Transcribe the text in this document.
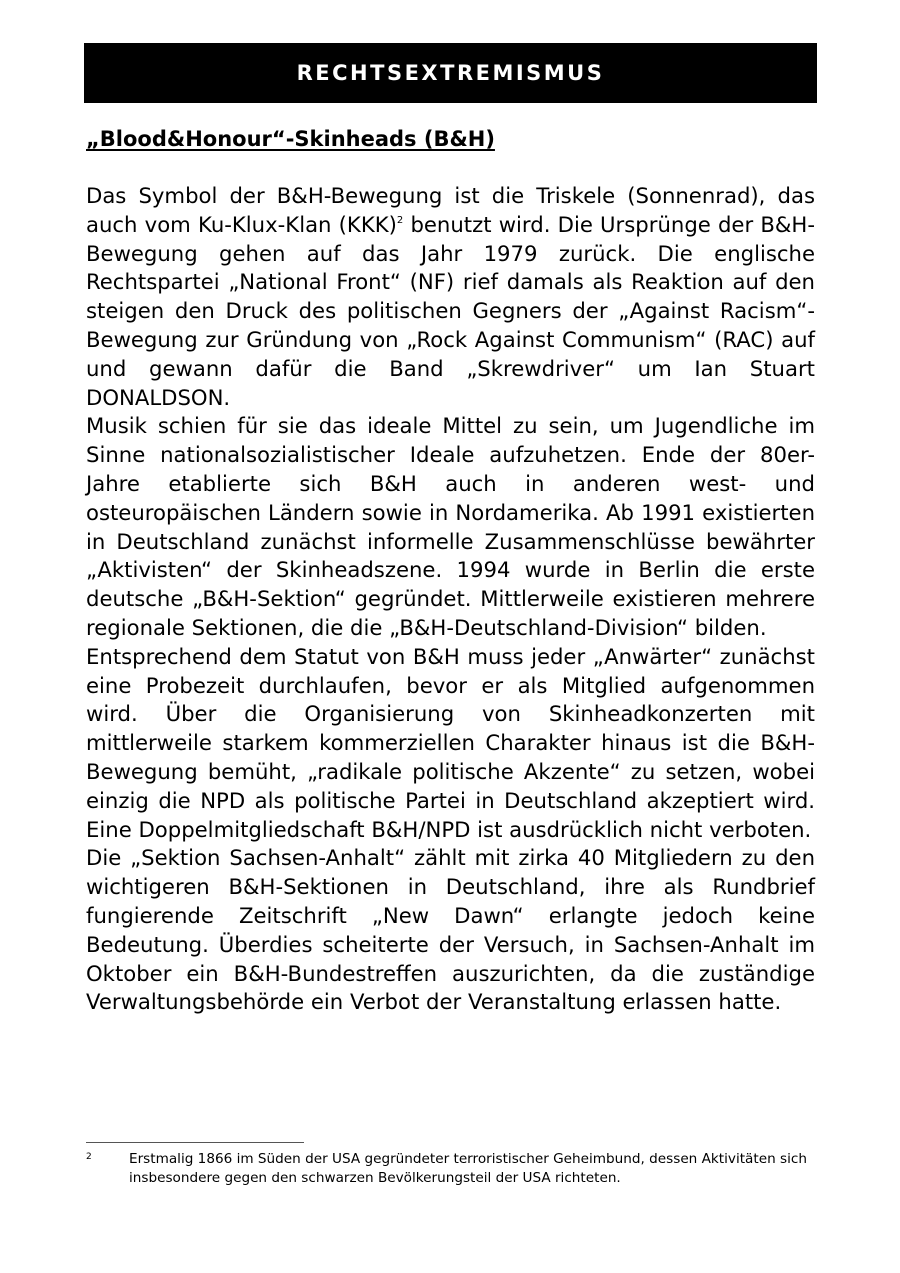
RECHTSEXTREMISMUS
„Blood&Honour“-Skinheads (B&H)

Das Symbol der B&H-Bewegung ist die Triskele (Sonnenrad), das auch vom Ku-Klux-Klan (KKK)$^2$ benutzt wird. Die Ursprünge der B&H-Bewegung gehen auf das Jahr 1979 zurück. Die englische Rechtspartei „National Front“ (NF) rief damals als Reaktion auf den steigen den Druck des politischen Gegners der „Against Racism“-Bewegung zur Gründung von „Rock Against Communism“ (RAC) auf und gewann dafür die Band „Skrewdriver“ um Ian Stuart DONALDSON.

Musik schien für sie das ideale Mittel zu sein, um Jugendliche im Sinne nationalsozialistischer Ideale aufzuhetzen. Ende der 80er-Jahre etablierte sich B&H auch in anderen west- und osteuropäischen Ländern sowie in Nordamerika. Ab 1991 existierten in Deutschland zunächst informelle Zusammenschlüsse bewährter „Aktivisten“ der Skinheadszene. 1994 wurde in Berlin die erste deutsche „B&H-Sektion“ gegründet. Mittlerweile existieren mehrere regionale Sektionen, die die „B&H-Deutschland-Division“ bilden.

Entsprechend dem Statut von B&H muss jeder „Anwärter“ zunächst eine Probezeit durchlaufen, bevor er als Mitglied aufgenommen wird. Über die Organisierung von Skinheadkonzerten mit mittlerweile starkem kommerziellen Charakter hinaus ist die B&H-Bewegung bemüht, „radikale politische Akzente“ zu setzen, wobei einzig die NPD als politische Partei in Deutschland akzeptiert wird. Eine Doppelmitgliedschaft B&H/NPD ist ausdrücklich nicht verboten.

Die „Sektion Sachsen-Anhalt“ zählt mit zirka 40 Mitgliedern zu den wichtigeren B&H-Sektionen in Deutschland, ihre als Rundbrief fungierende Zeitschrift „New Dawn“ erlangte jedoch keine Bedeutung. Überdies scheiterte der Versuch, in Sachsen-Anhalt im Oktober ein B&H-Bundestreffen auszurichten, da die zuständige Verwaltungsbehörde ein Verbot der Veranstaltung erlassen hatte.

2	Erstmalig 1866 im Süden der USA gegründeter terroristischer Geheimbund, dessen Aktivitäten sich insbesondere gegen den schwarzen Bevölkerungsteil der USA richteten.
